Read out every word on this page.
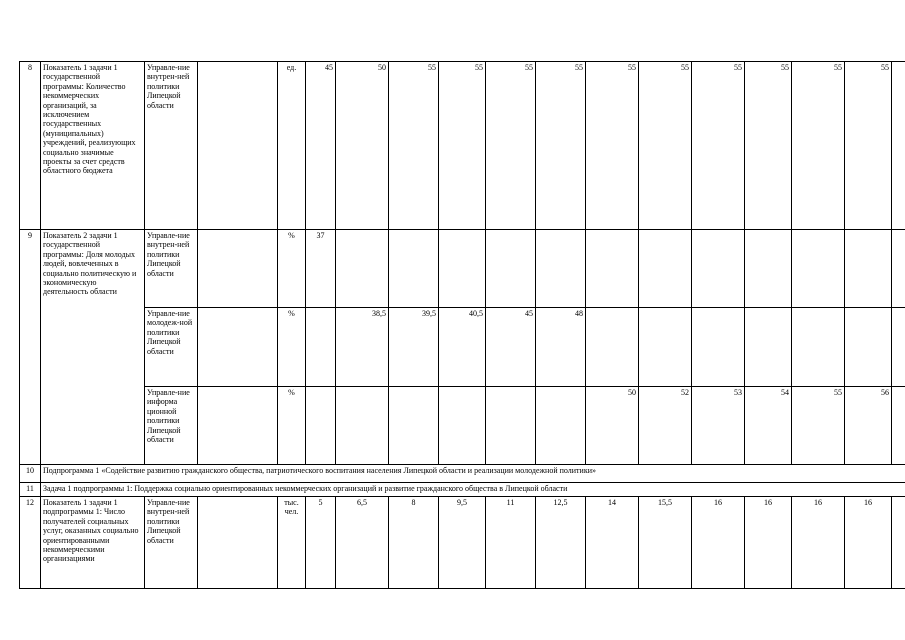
8	Показатель 1 задачи 1 государственной программы: Количество некоммерческих организаций, за исключением государственных (муниципальных) учреждений, реализующих социально значимые проекты за счет средств областного бюджета	Управле-ние внутрен-ней политики Липецкой области		ед.	45	50	55	55	55	55	55	55	55	55	55	55	
9	Показатель 2 задачи 1 государственной программы: Доля молодых людей, вовлеченных в социально политическую и экономическую деятельность области	Управле-ние внутрен-ней политики Липецкой области		%	37												
		Управле-ние молодеж-ной политики Липецкой области		%		38,5	39,5	40,5	45	48							
		Управле-ние информа ционной политики Липецкой области		%							50	52	53	54	55	56	
10	Подпрограмма 1 «Содействие развитию гражданского общества, патриотического воспитания населения Липецкой области и реализации молодежной политики»																
11	Задача 1 подпрограммы 1: Поддержка социально ориентированных некоммерческих организаций и развитие гражданского общества в Липецкой области																
12	Показатель 1 задачи 1 подпрограммы 1: Число получателей социальных услуг, оказанных социально ориентированными некоммерческими организациями	Управле-ние внутрен-ней политики Липецкой области		тыс. чел.	5	6,5	8	9,5	11	12,5	14	15,5	16	16	16	16	
